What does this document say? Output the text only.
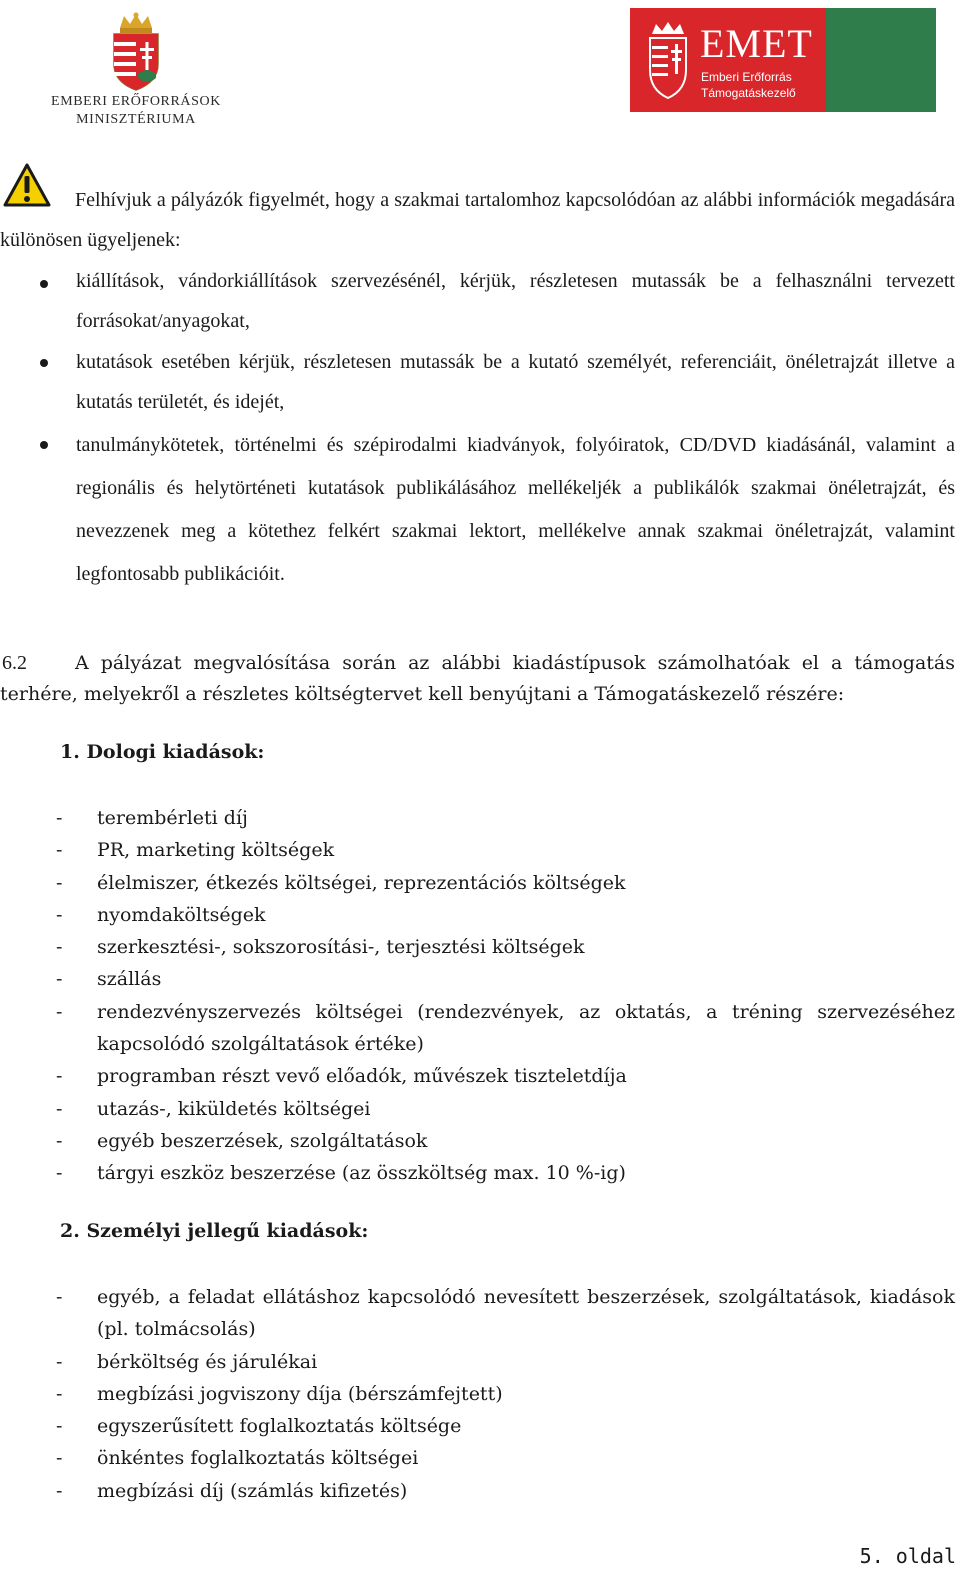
EMBERI ERŐFORRÁSOK
MINISZTÉRIUMA
EMET
Emberi Erőforrás
Támogatáskezelő

Felhívjuk a pályázók figyelmét, hogy a szakmai tartalomhoz kapcsolódóan az alábbi információk megadására különösen ügyeljenek:

kiállítások, vándorkiállítások szervezésénél, kérjük, részletesen mutassák be a felhasználni tervezett forrásokat/anyagokat,

kutatások esetében kérjük, részletesen mutassák be a kutató személyét, referenciáit, önéletrajzát illetve a kutatás területét, és idejét,

tanulmánykötetek, történelmi és szépirodalmi kiadványok, folyóiratok, CD/DVD kiadásánál, valamint a regionális és helytörténeti kutatások publikálásához mellékeljék a publikálók szakmai önéletrajzát, és nevezzenek meg a kötethez felkért szakmai lektort, mellékelve annak szakmai önéletrajzát, valamint legfontosabb publikációit.

6.2	A pályázat megvalósítása során az alábbi kiadástípusok számolhatóak el a támogatás terhére, melyekről a részletes költségtervet kell benyújtani a Támogatáskezelő részére:

1. Dologi kiadások:
- terembérleti díj
- PR, marketing költségek
- élelmiszer, étkezés költségei, reprezentációs költségek
- nyomdaköltségek
- szerkesztési-, sokszorosítási-, terjesztési költségek
- szállás
- rendezvényszervezés költségei (rendezvények, az oktatás, a tréning szervezéséhez kapcsolódó szolgáltatások értéke)
- programban részt vevő előadók, művészek tiszteletdíja
- utazás-, kiküldetés költségei
- egyéb beszerzések, szolgáltatások
- tárgyi eszköz beszerzése (az összköltség max. 10 %-ig)
2. Személyi jellegű kiadások:
- egyéb, a feladat ellátáshoz kapcsolódó nevesített beszerzések, szolgáltatások, kiadások (pl. tolmácsolás)
- bérköltség és járulékai
- megbízási jogviszony díja (bérszámfejtett)
- egyszerűsített foglalkoztatás költsége
- önkéntes foglalkoztatás költségei
- megbízási díj (számlás kifizetés)
5. oldal
